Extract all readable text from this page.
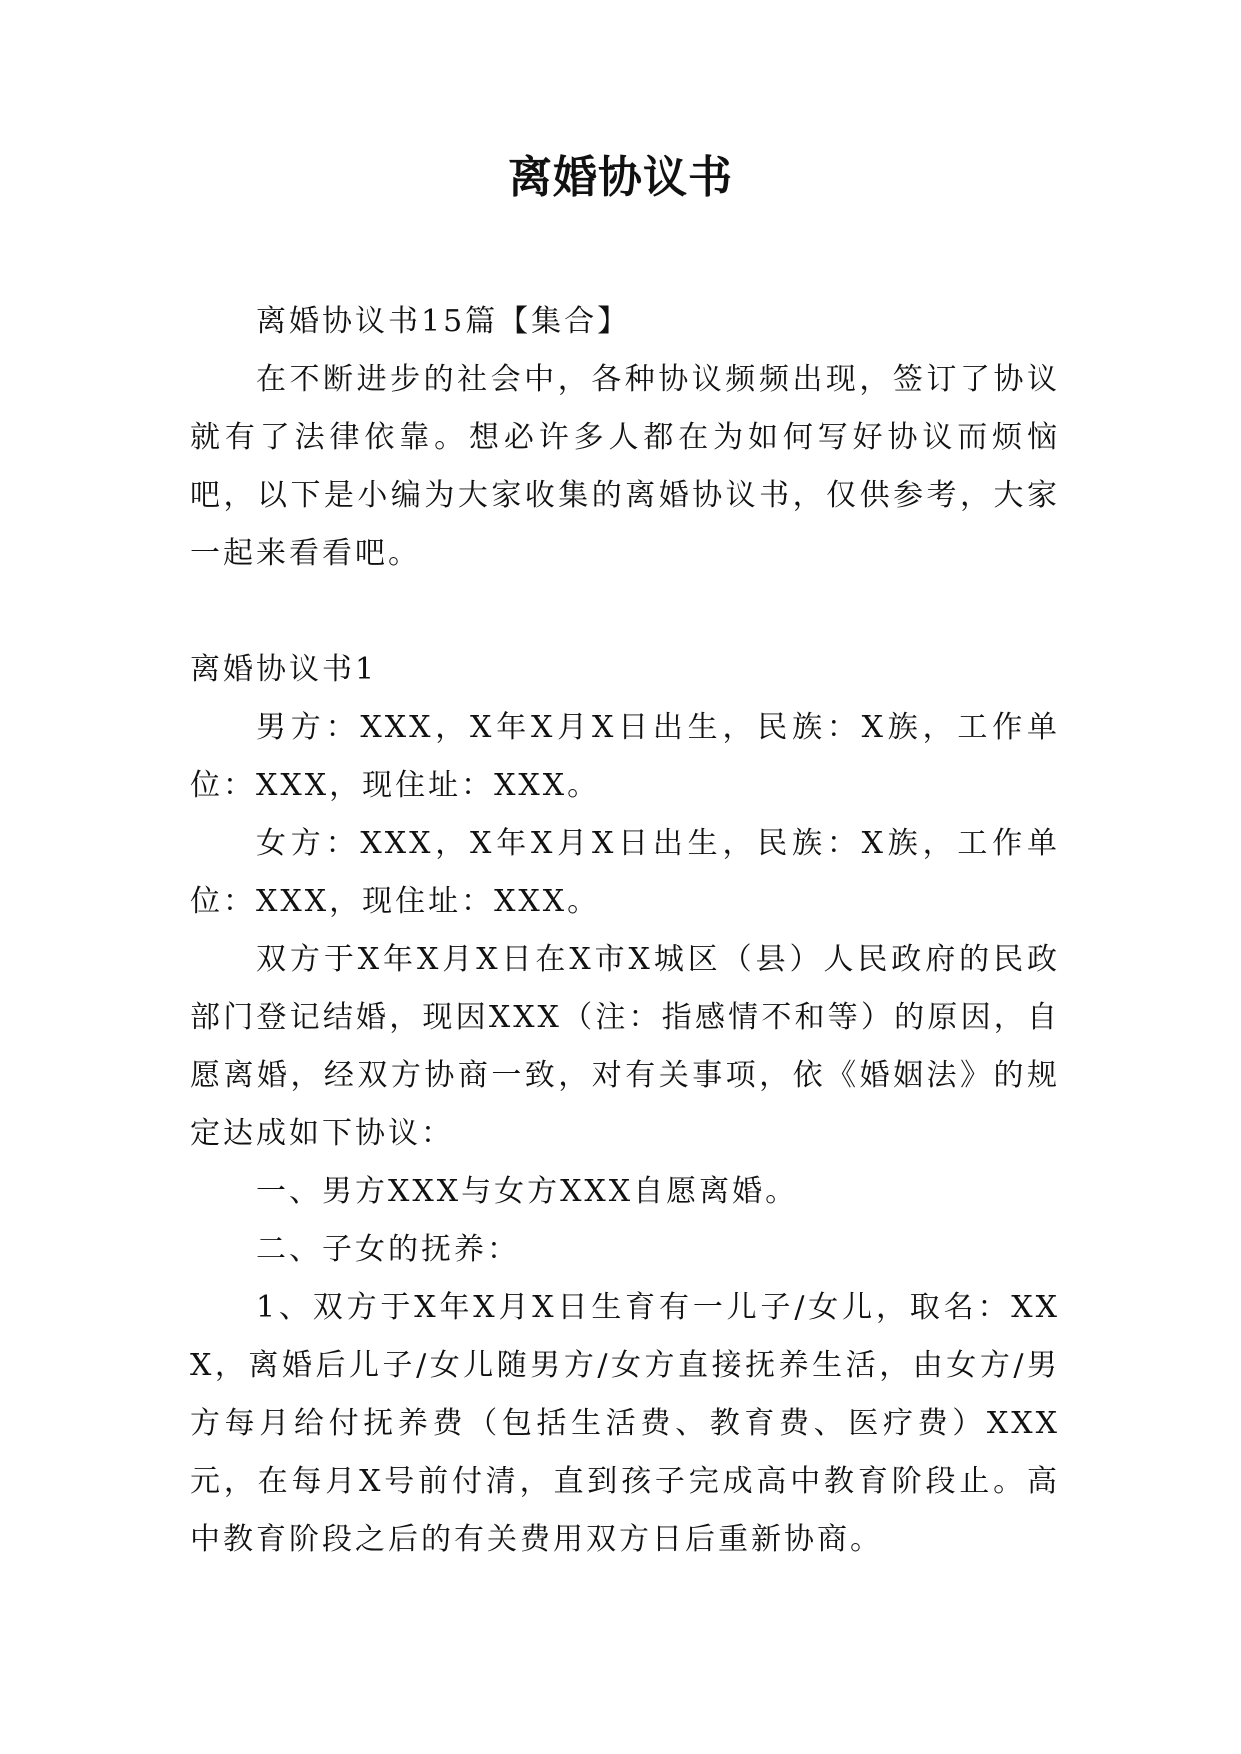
离婚协议书

离婚协议书15篇【集合】

在不断进步的社会中，各种协议频频出现，签订了协议就有了法律依靠。想必许多人都在为如何写好协议而烦恼吧，以下是小编为大家收集的离婚协议书，仅供参考，大家一起来看看吧。

离婚协议书1

男方：XXX，X年X月X日出生，民族：X族，工作单位：XXX，现住址：XXX。

女方：XXX，X年X月X日出生，民族：X族，工作单位：XXX，现住址：XXX。

双方于X年X月X日在X市X城区（县）人民政府的民政部门登记结婚，现因XXX（注：指感情不和等）的原因，自愿离婚，经双方协商一致，对有关事项，依《婚姻法》的规定达成如下协议：

一、男方XXX与女方XXX自愿离婚。

二、子女的抚养：

1、双方于X年X月X日生育有一儿子/女儿，取名：XXX，离婚后儿子/女儿随男方/女方直接抚养生活，由女方/男方每月给付抚养费（包括生活费、教育费、医疗费）XXX元，在每月X号前付清，直到孩子完成高中教育阶段止。高中教育阶段之后的有关费用双方日后重新协商。
